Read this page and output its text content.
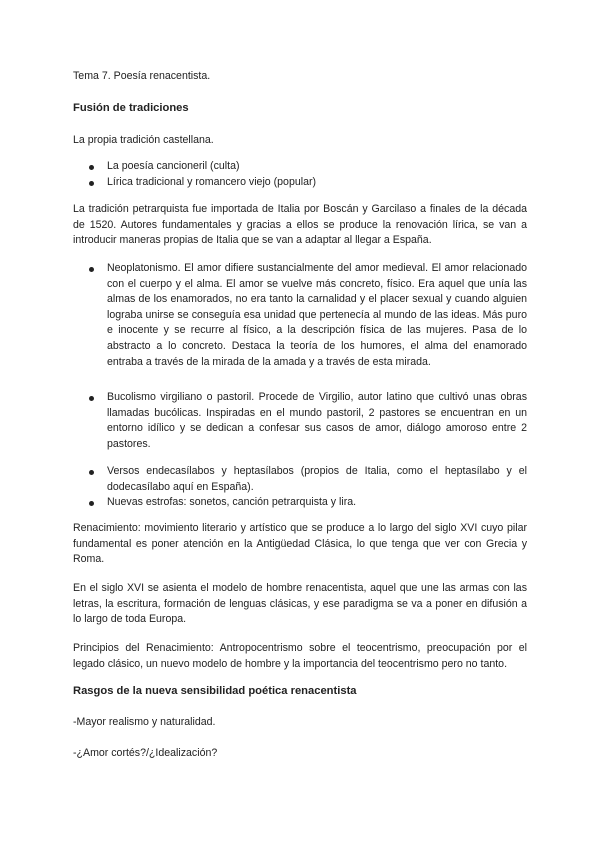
Tema 7. Poesía renacentista.

Fusión de tradiciones

La propia tradición castellana.

La poesía cancioneril (culta)
Lírica tradicional y romancero viejo (popular)

La tradición petrarquista fue importada de Italia por Boscán y Garcilaso a finales de la década de 1520. Autores fundamentales y gracias a ellos se produce la renovación lírica, se van a introducir maneras propias de Italia que se van a adaptar al llegar a España.

Neoplatonismo. El amor difiere sustancialmente del amor medieval. El amor relacionado con el cuerpo y el alma. El amor se vuelve más concreto, físico. Era aquel que unía las almas de los enamorados, no era tanto la carnalidad y el placer sexual y cuando alguien lograba unirse se conseguía esa unidad que pertenecía al mundo de las ideas. Más puro e inocente y se recurre al físico, a la descripción física de las mujeres. Pasa de lo abstracto a lo concreto. Destaca la teoría de los humores, el alma del enamorado entraba a través de la mirada de la amada y a través de esta mirada.
Bucolismo virgiliano o pastoril. Procede de Virgilio, autor latino que cultivó unas obras llamadas bucólicas. Inspiradas en el mundo pastoril, 2 pastores se encuentran en un entorno idílico y se dedican a confesar sus casos de amor, diálogo amoroso entre 2 pastores.
Versos endecasílabos y heptasílabos (propios de Italia, como el heptasílabo y el dodecasílabo aquí en España).
Nuevas estrofas: sonetos, canción petrarquista y lira.

Renacimiento: movimiento literario y artístico que se produce a lo largo del siglo XVI cuyo pilar fundamental es poner atención en la Antigüedad Clásica, lo que tenga que ver con Grecia y Roma.

En el siglo XVI se asienta el modelo de hombre renacentista, aquel que une las armas con las letras, la escritura, formación de lenguas clásicas, y ese paradigma se va a poner en difusión a lo largo de toda Europa.

Principios del Renacimiento: Antropocentrismo sobre el teocentrismo, preocupación por el legado clásico, un nuevo modelo de hombre y la importancia del teocentrismo pero no tanto.

Rasgos de la nueva sensibilidad poética renacentista

-Mayor realismo y naturalidad.

-¿Amor cortés?/¿Idealización?
